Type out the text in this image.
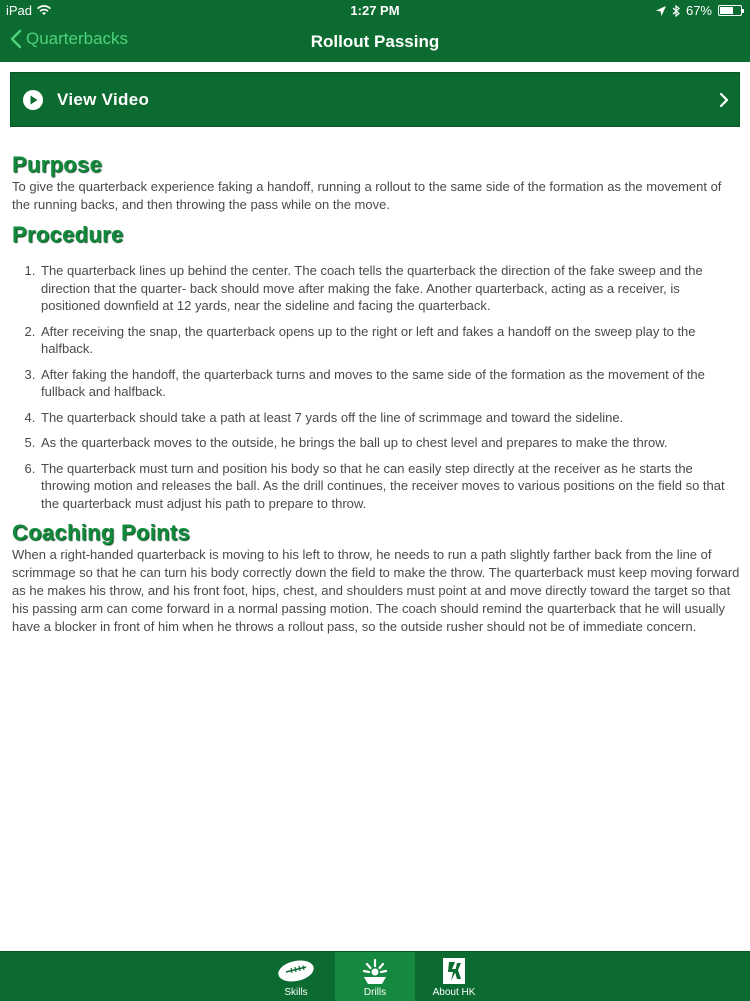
iPad	1:27 PM	67%
Quarterbacks	Rollout Passing
View Video
Purpose

To give the quarterback experience faking a handoff, running a rollout to the same side of the formation as the movement of the running backs, and then throwing the pass while on the move.

Procedure
1. The quarterback lines up behind the center. The coach tells the quarterback the direction of the fake sweep and the direction that the quarter- back should move after making the fake. Another quarterback, acting as a receiver, is positioned downfield at 12 yards, near the sideline and facing the quarterback.
2. After receiving the snap, the quarterback opens up to the right or left and fakes a handoff on the sweep play to the halfback.
3. After faking the handoff, the quarterback turns and moves to the same side of the formation as the movement of the fullback and halfback.
4. The quarterback should take a path at least 7 yards off the line of scrimmage and toward the sideline.
5. As the quarterback moves to the outside, he brings the ball up to chest level and prepares to make the throw.
6. The quarterback must turn and position his body so that he can easily step directly at the receiver as he starts the throwing motion and releases the ball. As the drill continues, the receiver moves to various positions on the field so that the quarterback must adjust his path to prepare to throw.
Coaching Points

When a right-handed quarterback is moving to his left to throw, he needs to run a path slightly farther back from the line of scrimmage so that he can turn his body correctly down the field to make the throw. The quarterback must keep moving forward as he makes his throw, and his front foot, hips, chest, and shoulders must point at and move directly toward the target so that his passing arm can come forward in a normal passing motion. The coach should remind the quarterback that he will usually have a blocker in front of him when he throws a rollout pass, so the outside rusher should not be of immediate concern.

Skills	Drills	About HK
